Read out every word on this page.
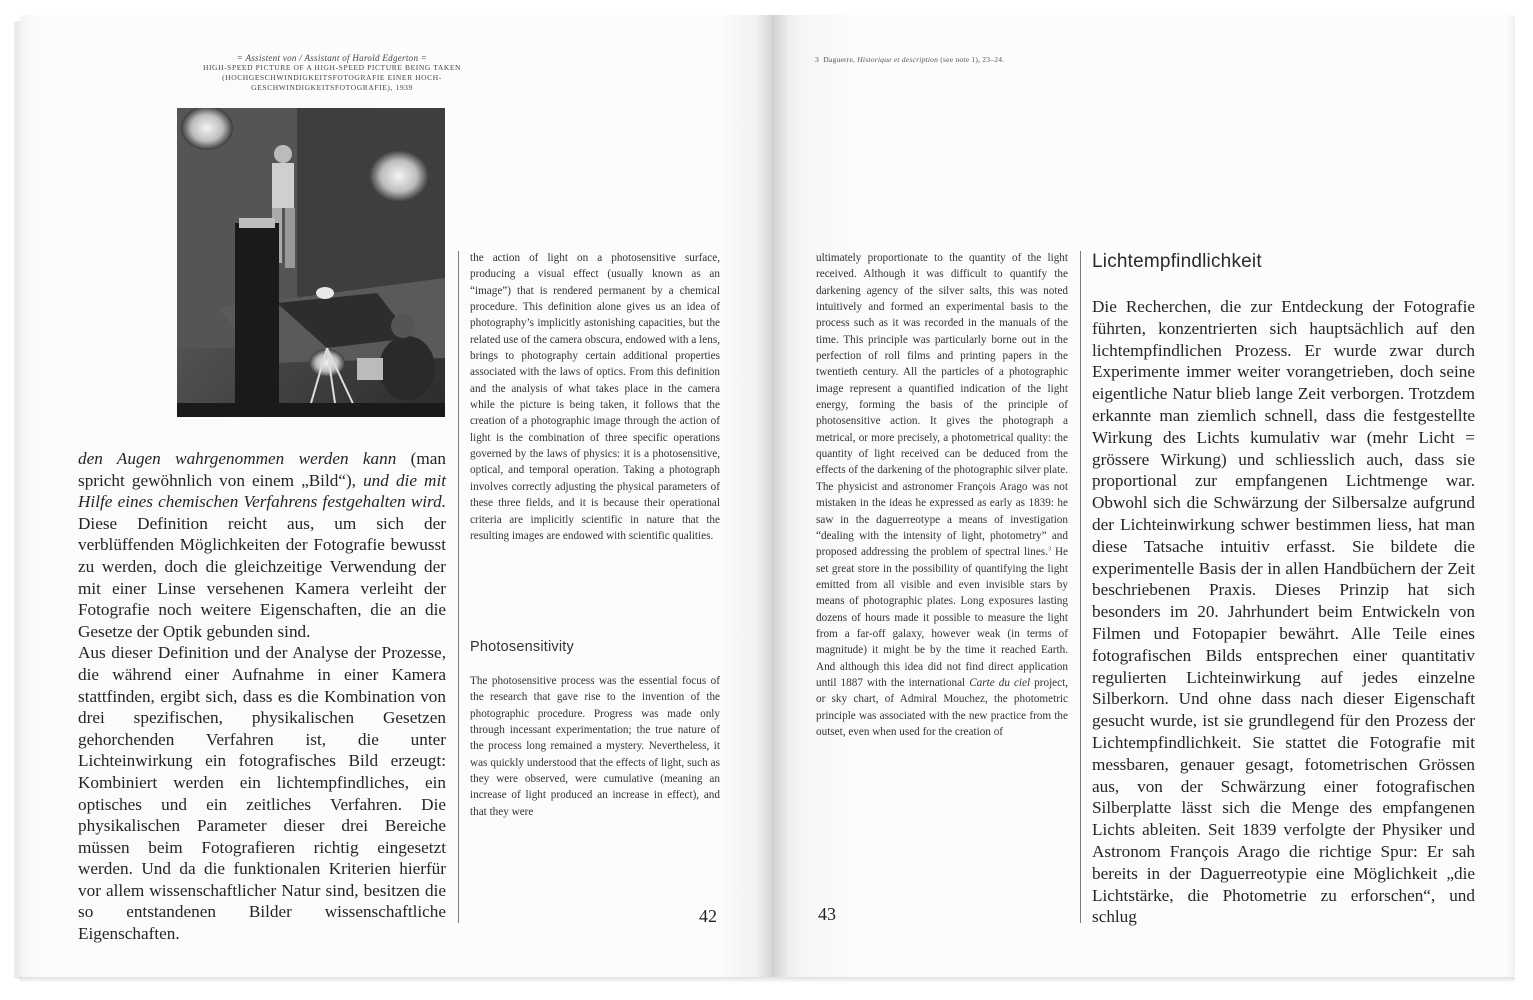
= Assistent von / Assistant of Harold Edgerton =
HIGH-SPEED PICTURE OF A HIGH-SPEED PICTURE BEING TAKEN
(HOCHGESCHWINDIGKEITSFOTOGRAFIE EINER HOCH-
GESCHWINDIGKEITSFOTOGRAFIE), 1939

den Augen wahrgenommen werden kann (man spricht gewöhnlich von einem „Bild“), und die mit Hilfe eines chemischen Verfahrens festgehalten wird. Diese Definition reicht aus, um sich der verblüffenden Möglichkeiten der Fotografie bewusst zu werden, doch die gleichzeitige Verwendung der mit einer Linse versehenen Kamera verleiht der Fotografie noch weitere Eigenschaften, die an die Gesetze der Optik gebunden sind.

Aus dieser Definition und der Analyse der Prozesse, die während einer Aufnahme in einer Kamera stattfinden, ergibt sich, dass es die Kombination von drei spezifischen, physikalischen Gesetzen gehorchenden Verfahren ist, die unter Lichteinwirkung ein fotografisches Bild erzeugt: Kombiniert werden ein lichtempfindliches, ein optisches und ein zeitliches Verfahren. Die physikalischen Parameter dieser drei Bereiche müssen beim Fotografieren richtig eingesetzt werden. Und da die funktionalen Kriterien hierfür vor allem wissenschaftlicher Natur sind, besitzen die so entstandenen Bilder wissenschaftliche Eigenschaften.

the action of light on a photosensitive surface, producing a visual effect (usually known as an “image”) that is rendered permanent by a chemical procedure. This definition alone gives us an idea of photography’s implicitly astonishing capacities, but the related use of the camera obscura, endowed with a lens, brings to photography certain additional properties associated with the laws of optics. From this definition and the analysis of what takes place in the camera while the picture is being taken, it follows that the creation of a photographic image through the action of light is the combination of three specific operations governed by the laws of physics: it is a photosensitive, optical, and temporal operation. Taking a photograph involves correctly adjusting the physical parameters of these three fields, and it is because their operational criteria are implicitly scientific in nature that the resulting images are endowed with scientific qualities.

Photosensitivity

The photosensitive process was the essential focus of the research that gave rise to the invention of the photographic procedure. Progress was made only through incessant experimentation; the true nature of the process long remained a mystery. Nevertheless, it was quickly understood that the effects of light, such as they were observed, were cumulative (meaning an increase of light produced an increase in effect), and that they were

42	43
3 Daguerre, Historique et description (see note 1), 23–24.

ultimately proportionate to the quantity of the light received. Although it was difficult to quantify the darkening agency of the silver salts, this was noted intuitively and formed an experimental basis to the process such as it was recorded in the manuals of the time. This principle was particularly borne out in the perfection of roll films and printing papers in the twentieth century. All the particles of a photographic image represent a quantified indication of the light energy, forming the basis of the principle of photosensitive action. It gives the photograph a metrical, or more precisely, a photometrical quality: the quantity of light received can be deduced from the effects of the darkening of the photographic silver plate. The physicist and astronomer François Arago was not mistaken in the ideas he expressed as early as 1839: he saw in the daguerreotype a means of investigation “dealing with the intensity of light, photometry” and proposed addressing the problem of spectral lines.$^3$ He set great store in the possibility of quantifying the light emitted from all visible and even invisible stars by means of photographic plates. Long exposures lasting dozens of hours made it possible to measure the light from a far-off galaxy, however weak (in terms of magnitude) it might be by the time it reached Earth. And although this idea did not find direct application until 1887 with the international Carte du ciel project, or sky chart, of Admiral Mouchez, the photometric principle was associated with the new practice from the outset, even when used for the creation of

Lichtempfindlichkeit

Die Recherchen, die zur Entdeckung der Fotografie führten, konzentrierten sich hauptsächlich auf den lichtempfindlichen Prozess. Er wurde zwar durch Experimente immer weiter vorangetrieben, doch seine eigentliche Natur blieb lange Zeit verborgen. Trotzdem erkannte man ziemlich schnell, dass die festgestellte Wirkung des Lichts kumulativ war (mehr Licht = grössere Wirkung) und schliesslich auch, dass sie proportional zur empfangenen Lichtmenge war. Obwohl sich die Schwärzung der Silbersalze aufgrund der Lichteinwirkung schwer bestimmen liess, hat man diese Tatsache intuitiv erfasst. Sie bildete die experimentelle Basis der in allen Handbüchern der Zeit beschriebenen Praxis. Dieses Prinzip hat sich besonders im 20. Jahrhundert beim Entwickeln von Filmen und Fotopapier bewährt. Alle Teile eines fotografischen Bilds entsprechen einer quantitativ regulierten Lichteinwirkung auf jedes einzelne Silberkorn. Und ohne dass nach dieser Eigenschaft gesucht wurde, ist sie grundlegend für den Prozess der Lichtempfindlichkeit. Sie stattet die Fotografie mit messbaren, genauer gesagt, fotometrischen Grössen aus, von der Schwärzung einer fotografischen Silberplatte lässt sich die Menge des empfangenen Lichts ableiten. Seit 1839 verfolgte der Physiker und Astronom François Arago die richtige Spur: Er sah bereits in der Daguerreotypie eine Möglichkeit „die Lichtstärke, die Photometrie zu erforschen“, und schlug
